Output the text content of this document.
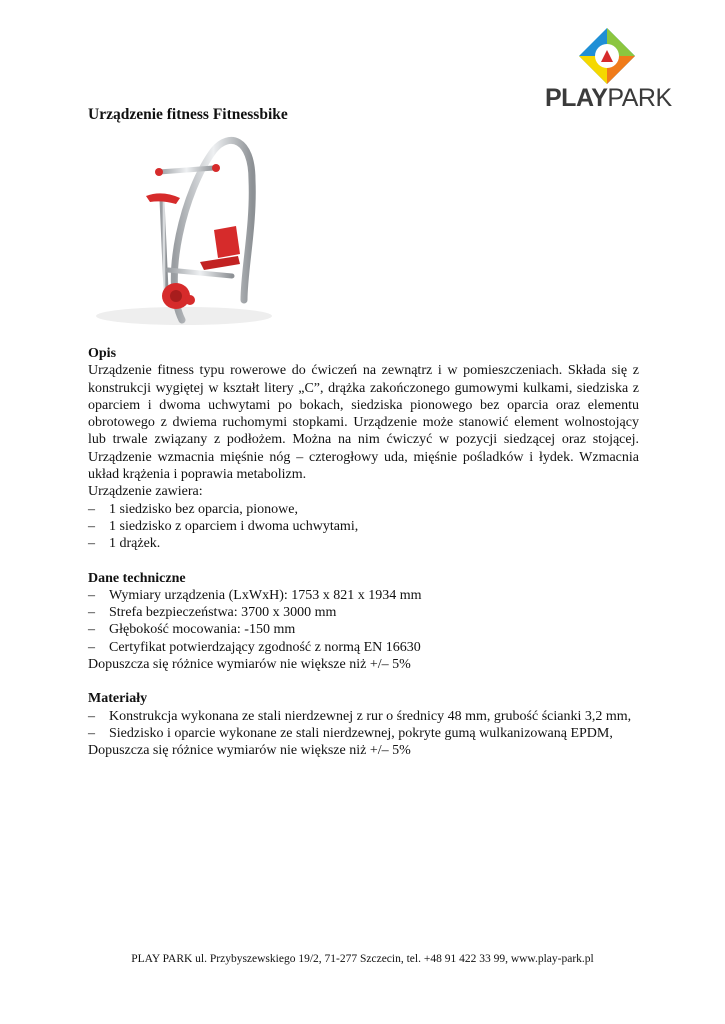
PLAYPARK
Urządzenie fitness Fitnessbike
Opis
Urządzenie fitness typu rowerowe do ćwiczeń na zewnątrz i w pomieszczeniach. Składa się z konstrukcji wygiętej w kształt litery „C”, drążka zakończonego gumowymi kulkami, siedziska z oparciem i dwoma uchwytami po bokach, siedziska pionowego bez oparcia oraz elementu obrotowego z dwiema ruchomymi stopkami. Urządzenie może stanowić element wolnostojący lub trwale związany z podłożem. Można na nim ćwiczyć w pozycji siedzącej oraz stojącej. Urządzenie wzmacnia mięśnie nóg – czterogłowy uda, mięśnie pośladków i łydek. Wzmacnia układ krążenia i poprawia metabolizm.
Urządzenie zawiera:
– 1 siedzisko bez oparcia, pionowe,
– 1 siedzisko z oparciem i dwoma uchwytami,
– 1 drążek.
Dane techniczne
– Wymiary urządzenia (LxWxH): 1753 x 821 x 1934 mm
– Strefa bezpieczeństwa: 3700 x 3000 mm
– Głębokość mocowania: -150 mm
– Certyfikat potwierdzający zgodność z normą EN 16630
Dopuszcza się różnice wymiarów nie większe niż +/– 5%
Materiały
– Konstrukcja wykonana ze stali nierdzewnej z rur o średnicy 48 mm, grubość ścianki 3,2 mm,
– Siedzisko i oparcie wykonane ze stali nierdzewnej, pokryte gumą wulkanizowaną EPDM,
Dopuszcza się różnice wymiarów nie większe niż +/– 5%
PLAY PARK ul. Przybyszewskiego 19/2, 71-277 Szczecin, tel. +48 91 422 33 99, www.play-park.pl
